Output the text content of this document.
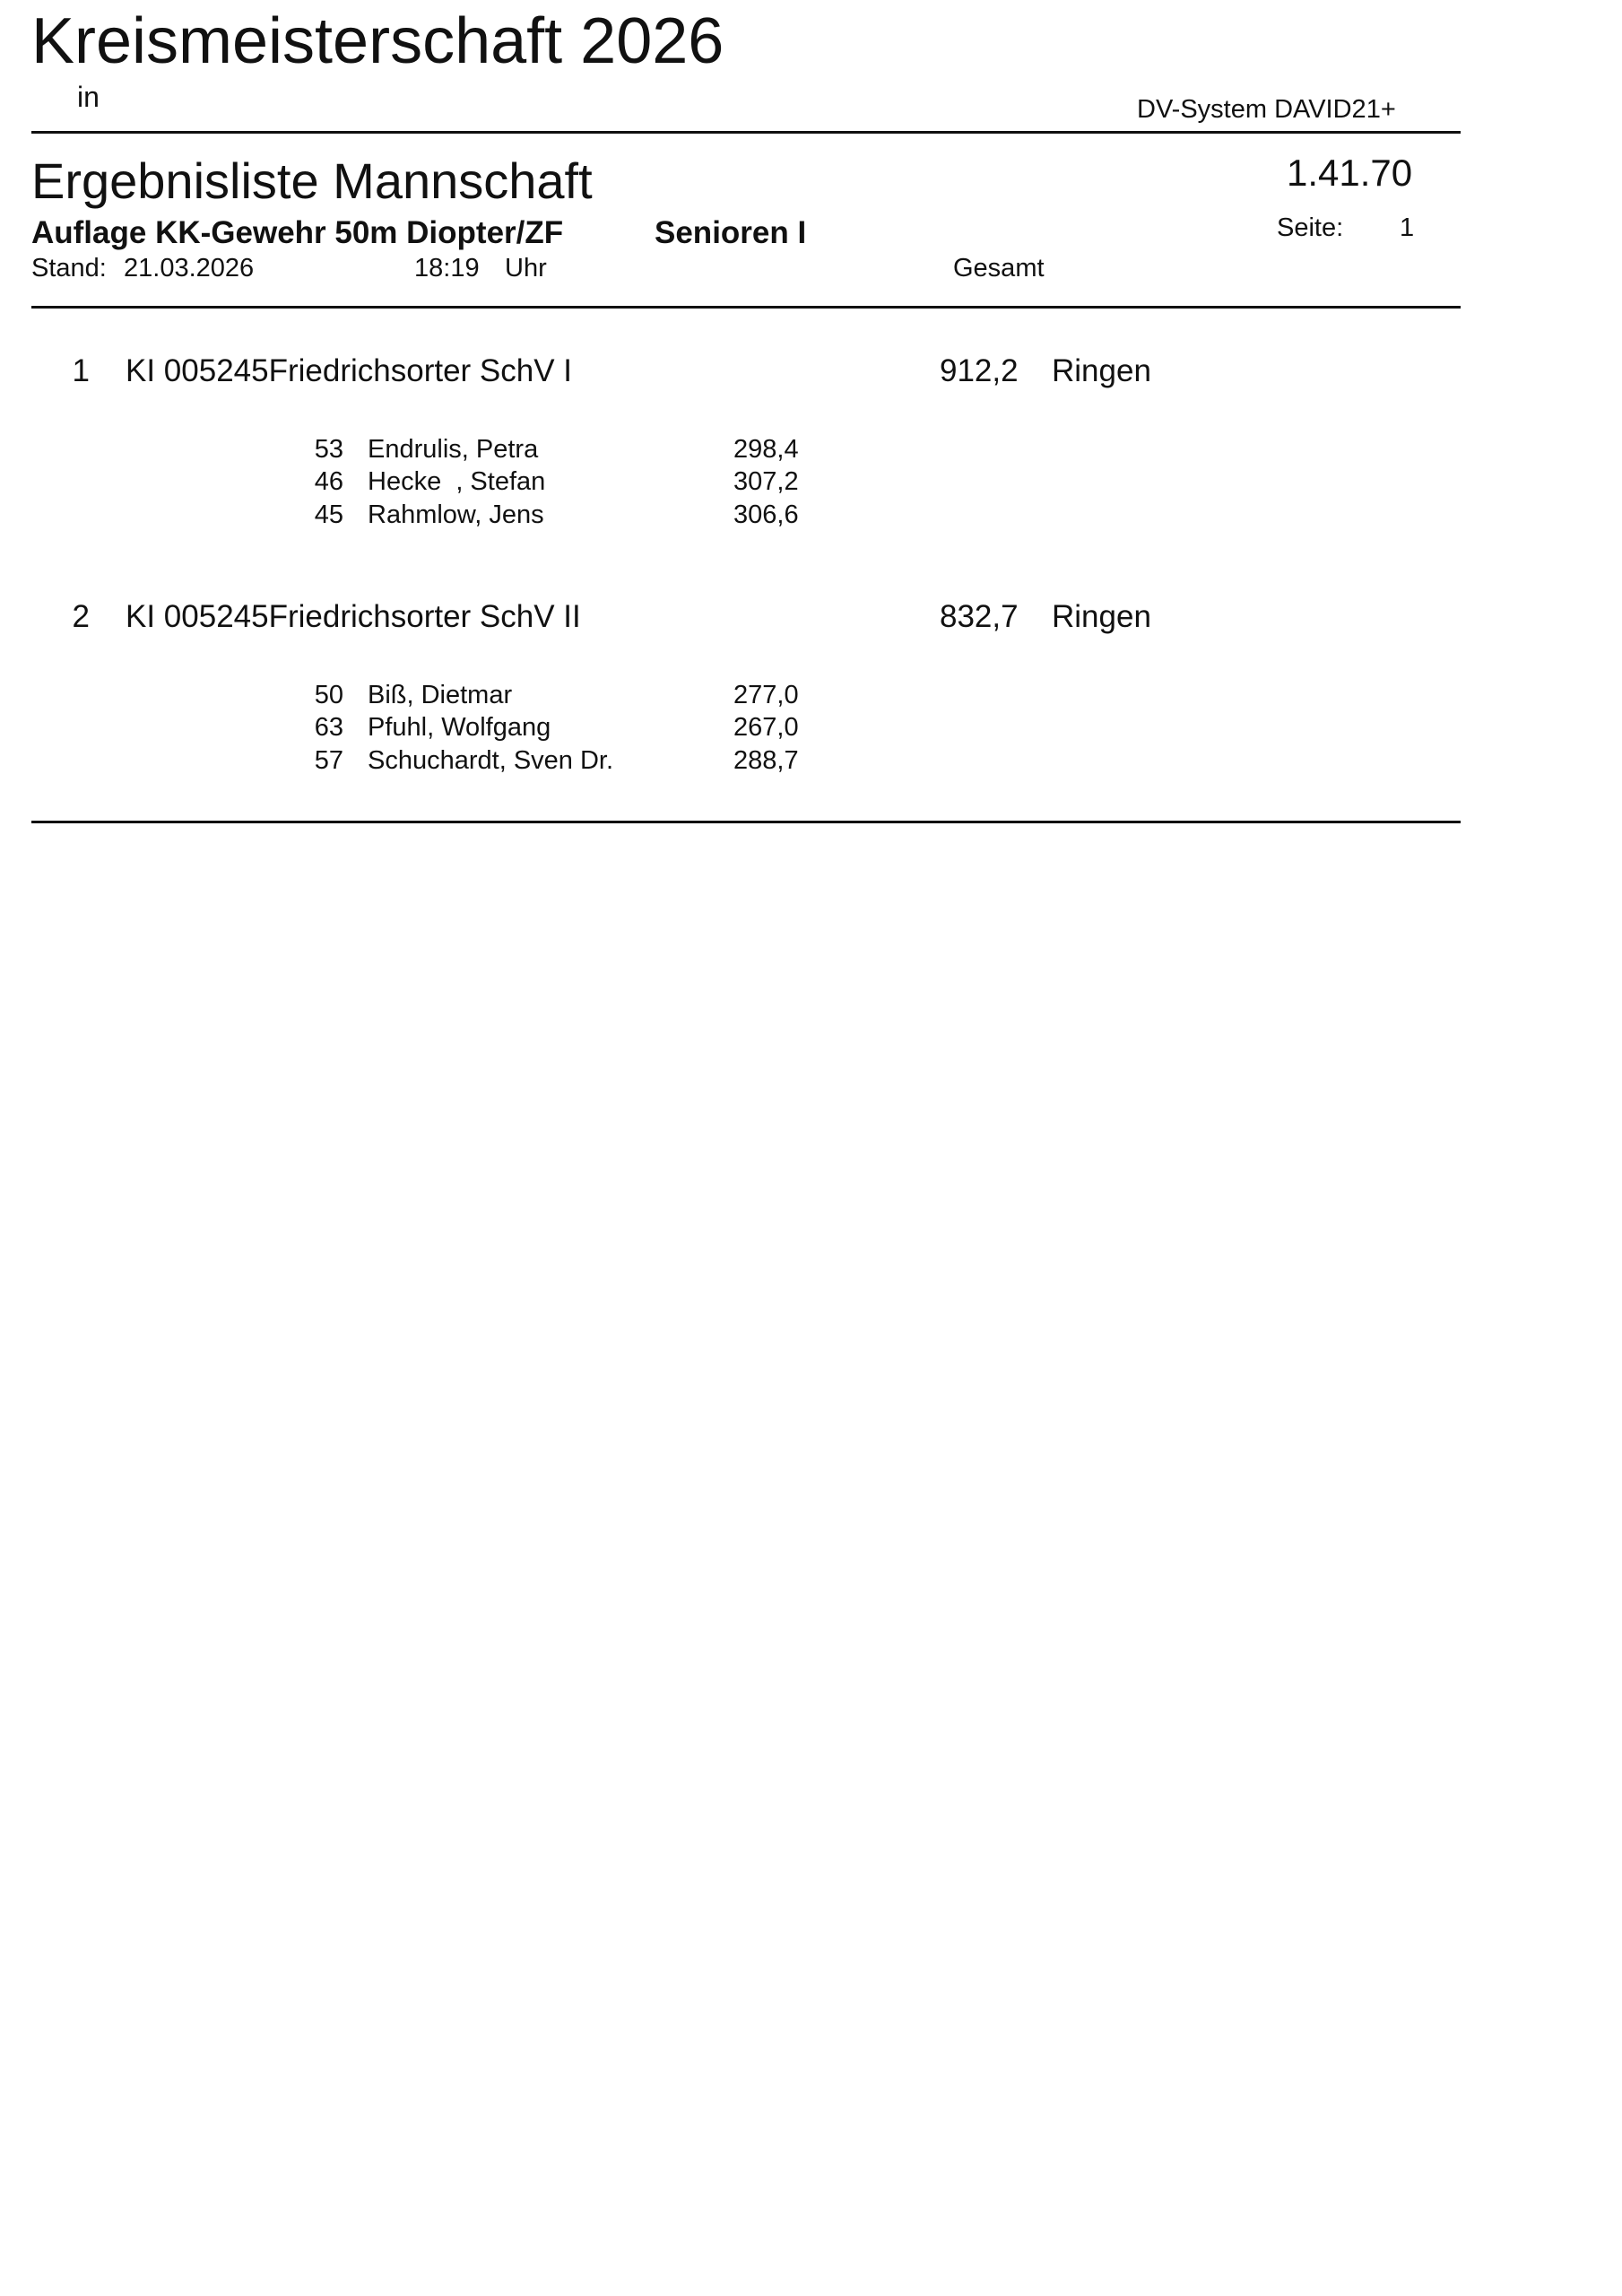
Kreismeisterschaft 2026
in	DV-System DAVID21+
Ergebnisliste Mannschaft	1.41.70
Auflage KK-Gewehr 50m Diopter/ZF	Senioren I	Seite: 1
Stand: 21.03.2026	18:19 Uhr	Gesamt
1 KI 005245Friedrichsorter SchV I	912,2 Ringen
53 Endrulis, Petra	298,4
46 Hecke  , Stefan	307,2
45 Rahmlow, Jens	306,6
2 KI 005245Friedrichsorter SchV II	832,7 Ringen
50 Biß, Dietmar	277,0
63 Pfuhl, Wolfgang	267,0
57 Schuchardt, Sven Dr.	288,7
